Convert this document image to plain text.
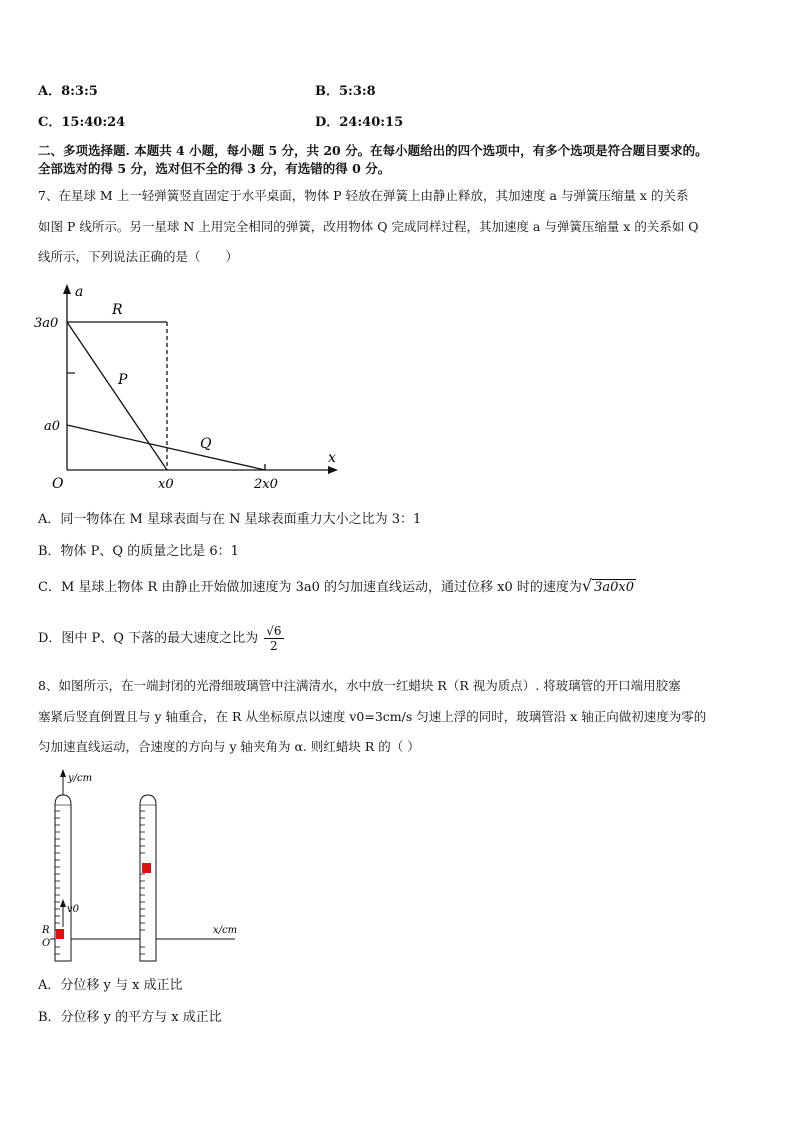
A．8:3:5	B．5:3:8
C．15:40:24	D．24:40:15
二、多项选择题. 本题共 4 小题，每小题 5 分，共 20 分。在每小题给出的四个选项中，有多个选项是符合题目要求的。
全部选对的得 5 分，选对但不全的得 3 分，有选错的得 0 分。
7、在星球 M 上一轻弹簧竖直固定于水平桌面，物体 P 轻放在弹簧上由静止释放，其加速度 a 与弹簧压缩量 x 的关系
如图 P 线所示。另一星球 N 上用完全相同的弹簧，改用物体 Q 完成同样过程，其加速度 a 与弹簧压缩量 x 的关系如 Q
线所示，下列说法正确的是（　　）
a
x
O
3a0
a0
x0	2x0
R
P
Q
A．同一物体在 M 星球表面与在 N 星球表面重力大小之比为 3：1
B．物体 P、Q 的质量之比是 6：1
C．M 星球上物体 R 由静止开始做加速度为 3a0 的匀加速直线运动，通过位移 x0 时的速度为√ 3a0x0
D．图中 P、Q 下落的最大速度之比为 $\frac{√6}{2}$
8、如图所示，在一端封闭的光滑细玻璃管中注满清水，水中放一红蜡块 R（R 视为质点）. 将玻璃管的开口端用胶塞
塞紧后竖直倒置且与 y 轴重合，在 R 从坐标原点以速度 v0=3cm/s 匀速上浮的同时，玻璃管沿 x 轴正向做初速度为零的
匀加速直线运动，合速度的方向与 y 轴夹角为 α. 则红蜡块 R 的（ ）
y/cm
x/cm
v0
R
O
A．分位移 y 与 x 成正比
B．分位移 y 的平方与 x 成正比
